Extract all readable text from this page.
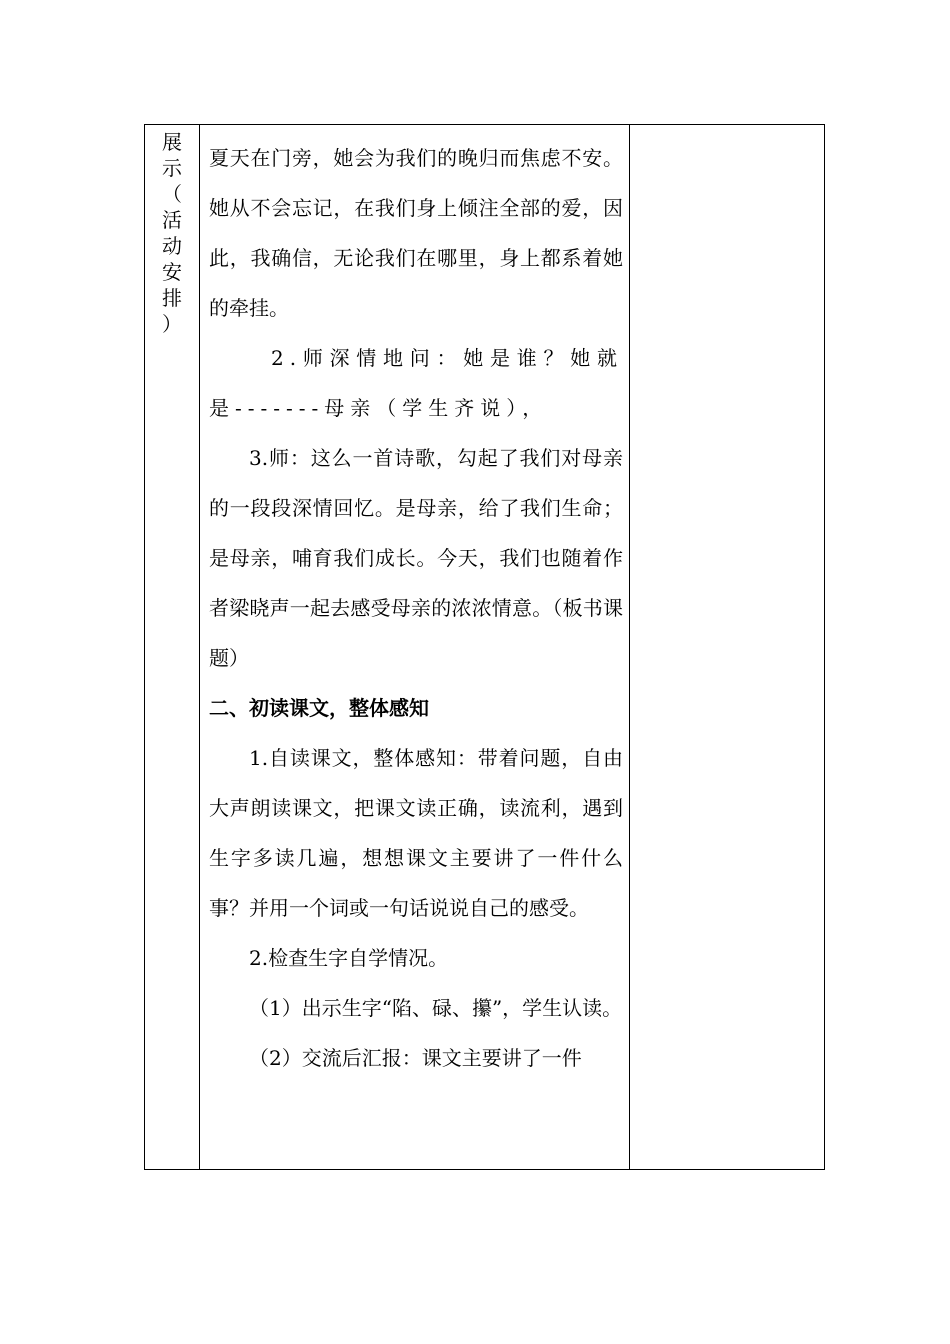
展
示
（
活
动
安
排
）

夏天在门旁，她会为我们的晚归而焦虑不安。她从不会忘记，在我们身上倾注全部的爱，因此，我确信，无论我们在哪里，身上都系着她的牵挂。

2.师深情地问：她是谁？她就是-------母亲（学生齐说），

3.师：这么一首诗歌，勾起了我们对母亲的一段段深情回忆。是母亲，给了我们生命；是母亲，哺育我们成长。今天，我们也随着作者梁晓声一起去感受母亲的浓浓情意。（板书课题）

二、初读课文，整体感知

1.自读课文，整体感知：带着问题，自由大声朗读课文，把课文读正确，读流利，遇到生字多读几遍，想想课文主要讲了一件什么事？并用一个词或一句话说说自己的感受。

2.检查生字自学情况。

（1）出示生字“陷、碌、攥”，学生认读。

（2）交流后汇报：课文主要讲了一件
